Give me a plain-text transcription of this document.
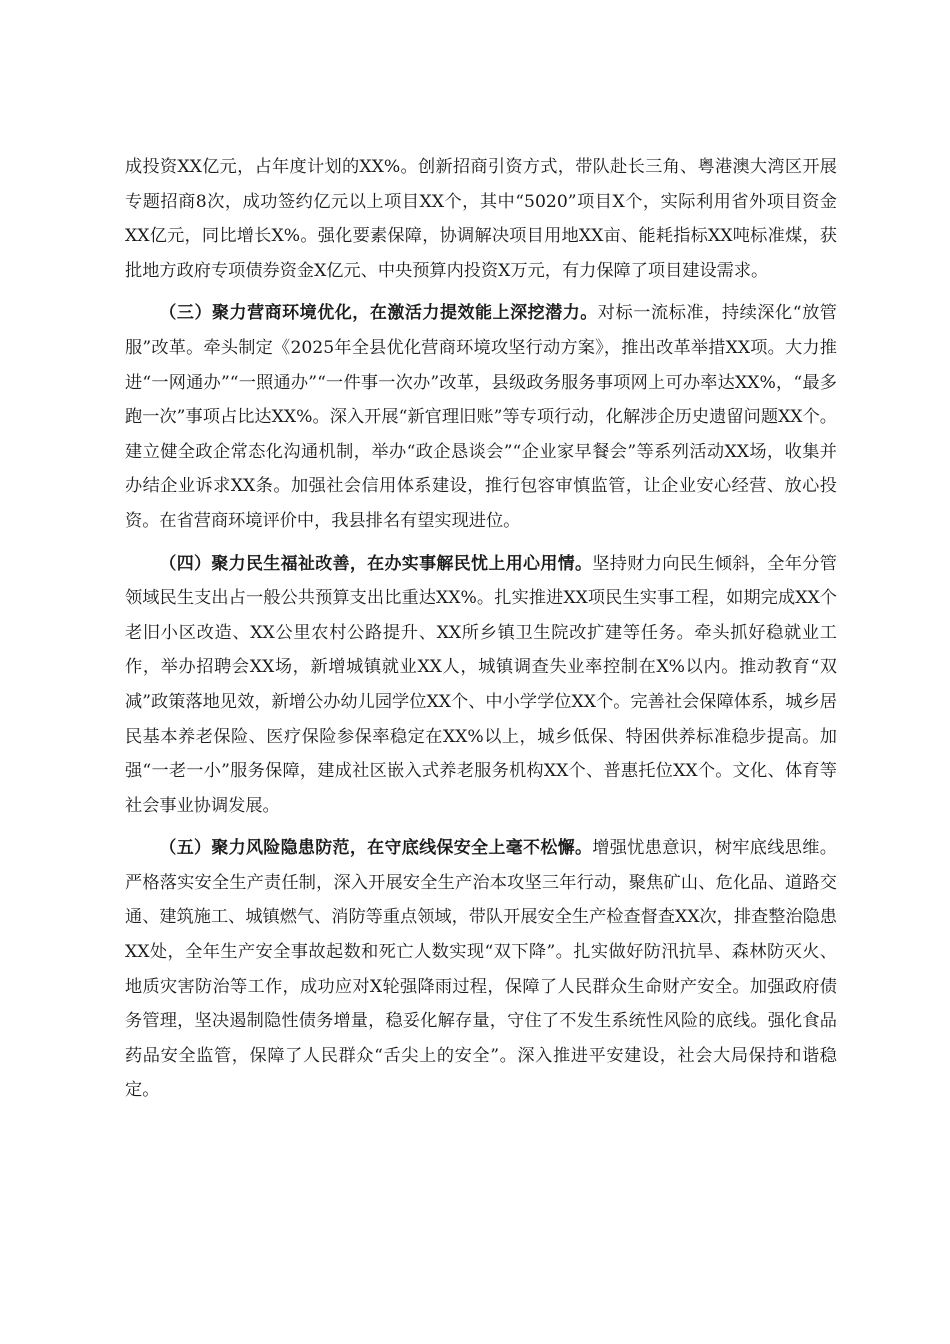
成投资XX亿元，占年度计划的XX%。创新招商引资方式，带队赴长三角、粤港澳大湾区开展专题招商8次，成功签约亿元以上项目XX个，其中“5020”项目X个，实际利用省外项目资金XX亿元，同比增长X%。强化要素保障，协调解决项目用地XX亩、能耗指标XX吨标准煤，获批地方政府专项债券资金X亿元、中央预算内投资X万元，有力保障了项目建设需求。

（三）聚力营商环境优化，在激活力提效能上深挖潜力。对标一流标准，持续深化“放管服”改革。牵头制定《2025年全县优化营商环境攻坚行动方案》，推出改革举措XX项。大力推进“一网通办”“一照通办”“一件事一次办”改革，县级政务服务事项网上可办率达XX%，“最多跑一次”事项占比达XX%。深入开展“新官理旧账”等专项行动，化解涉企历史遗留问题XX个。建立健全政企常态化沟通机制，举办“政企恳谈会”“企业家早餐会”等系列活动XX场，收集并办结企业诉求XX条。加强社会信用体系建设，推行包容审慎监管，让企业安心经营、放心投资。在省营商环境评价中，我县排名有望实现进位。

（四）聚力民生福祉改善，在办实事解民忧上用心用情。坚持财力向民生倾斜，全年分管领域民生支出占一般公共预算支出比重达XX%。扎实推进XX项民生实事工程，如期完成XX个老旧小区改造、XX公里农村公路提升、XX所乡镇卫生院改扩建等任务。牵头抓好稳就业工作，举办招聘会XX场，新增城镇就业XX人，城镇调查失业率控制在X%以内。推动教育“双减”政策落地见效，新增公办幼儿园学位XX个、中小学学位XX个。完善社会保障体系，城乡居民基本养老保险、医疗保险参保率稳定在XX%以上，城乡低保、特困供养标准稳步提高。加强“一老一小”服务保障，建成社区嵌入式养老服务机构XX个、普惠托位XX个。文化、体育等社会事业协调发展。

（五）聚力风险隐患防范，在守底线保安全上毫不松懈。增强忧患意识，树牢底线思维。严格落实安全生产责任制，深入开展安全生产治本攻坚三年行动，聚焦矿山、危化品、道路交通、建筑施工、城镇燃气、消防等重点领域，带队开展安全生产检查督查XX次，排查整治隐患XX处，全年生产安全事故起数和死亡人数实现“双下降”。扎实做好防汛抗旱、森林防灭火、地质灾害防治等工作，成功应对X轮强降雨过程，保障了人民群众生命财产安全。加强政府债务管理，坚决遏制隐性债务增量，稳妥化解存量，守住了不发生系统性风险的底线。强化食品药品安全监管，保障了人民群众“舌尖上的安全”。深入推进平安建设，社会大局保持和谐稳定。
